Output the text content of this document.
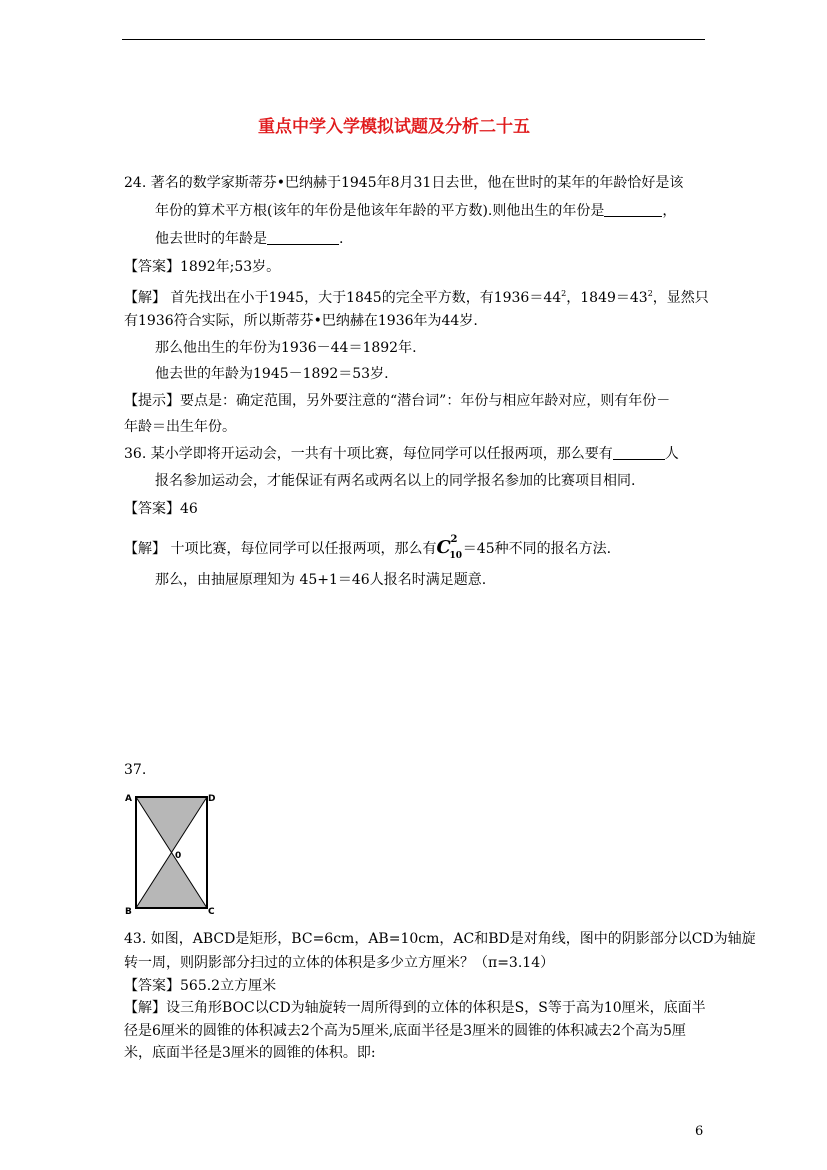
重点中学入学模拟试题及分析二十五
24. 著名的数学家斯蒂芬•巴纳赫于1945年8月31日去世，他在世时的某年的年龄恰好是该
年份的算术平方根(该年的年份是他该年年龄的平方数).则他出生的年份是	，
他去世时的年龄是	.
【答案】1892年;53岁。
【解】 首先找出在小于1945，大于1845的完全平方数，有$1936=44^2$，$1849=43^2$，显然只
有1936符合实际，所以斯蒂芬•巴纳赫在1936年为44岁.
那么他出生的年份为1936－44＝1892年.
他去世的年龄为1945－1892＝53岁.
【提示】要点是：确定范围，另外要注意的“潜台词”：年份与相应年龄对应，则有年份－
年龄＝出生年份。
36. 某小学即将开运动会，一共有十项比赛，每位同学可以任报两项，那么要有	人
报名参加运动会，才能保证有两名或两名以上的同学报名参加的比赛项目相同.
【答案】46
【解】 十项比赛，每位同学可以任报两项，那么有C 2
10 ＝45种不同的报名方法.
那么，由抽屉原理知为 45+1＝46人报名时满足题意.
37.
A	D
0
B	C
43. 如图，ABCD是矩形，BC=6cm，AB=10cm，AC和BD是对角线，图中的阴影部分以CD为轴旋
转一周，则阴影部分扫过的立体的体积是多少立方厘米？（π=3.14）
【答案】565.2立方厘米
【解】设三角形BOC以CD为轴旋转一周所得到的立体的体积是S，S等于高为10厘米，底面半
径是6厘米的圆锥的体积减去2个高为5厘米,底面半径是3厘米的圆锥的体积减去2个高为5厘
米，底面半径是3厘米的圆锥的体积。即:
6
